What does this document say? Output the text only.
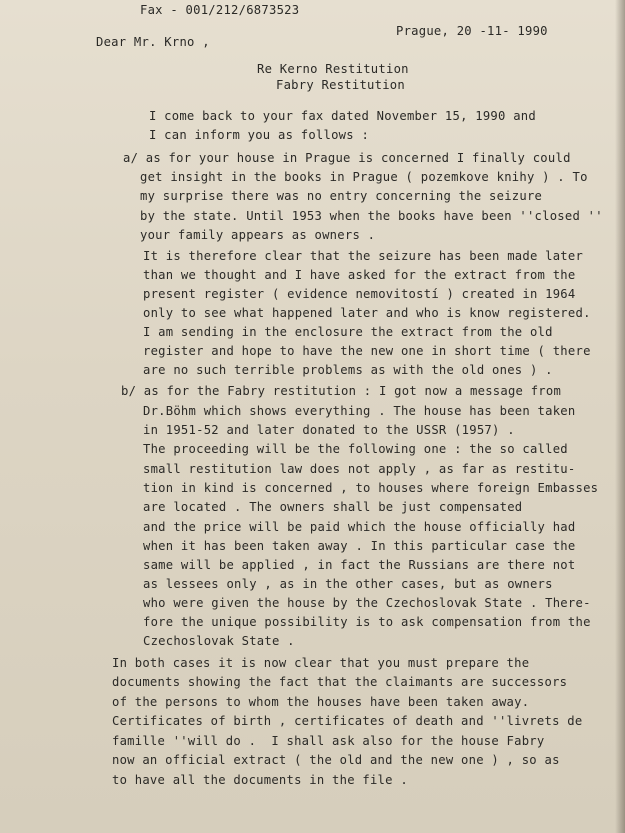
Fax - 001/212/6873523
Prague, 20 -11- 1990
Dear Mr. Krno ,
Re Kerno Restitution
Fabry Restitution
I come back to your fax dated November 15, 1990 and
I can inform you as follows :
a/ as for your house in Prague is concerned I finally could
get insight in the books in Prague ( pozemkove knihy ) . To
my surprise there was no entry concerning the seizure
by the state. Until 1953 when the books have been ''closed ''
your family appears as owners .
It is therefore clear that the seizure has been made later
than we thought and I have asked for the extract from the
present register ( evidence nemovitostí ) created in 1964
only to see what happened later and who is know registered.
I am sending in the enclosure the extract from the old
register and hope to have the new one in short time ( there
are no such terrible problems as with the old ones ) .
b/ as for the Fabry restitution : I got now a message from
Dr.Böhm which shows everything . The house has been taken
in 1951-52 and later donated to the USSR (1957) .
The proceeding will be the following one : the so called
small restitution law does not apply , as far as restitu-
tion in kind is concerned , to houses where foreign Embasses
are located . The owners shall be just compensated
and the price will be paid which the house officially had
when it has been taken away . In this particular case the
same will be applied , in fact the Russians are there not
as lessees only , as in the other cases, but as owners
who were given the house by the Czechoslovak State . There-
fore the unique possibility is to ask compensation from the
Czechoslovak State .
In both cases it is now clear that you must prepare the
documents showing the fact that the claimants are successors
of the persons to whom the houses have been taken away.
Certificates of birth , certificates of death and ''livrets de
famille ''will do .  I shall ask also for the house Fabry
now an official extract ( the old and the new one ) , so as
to have all the documents in the file .
